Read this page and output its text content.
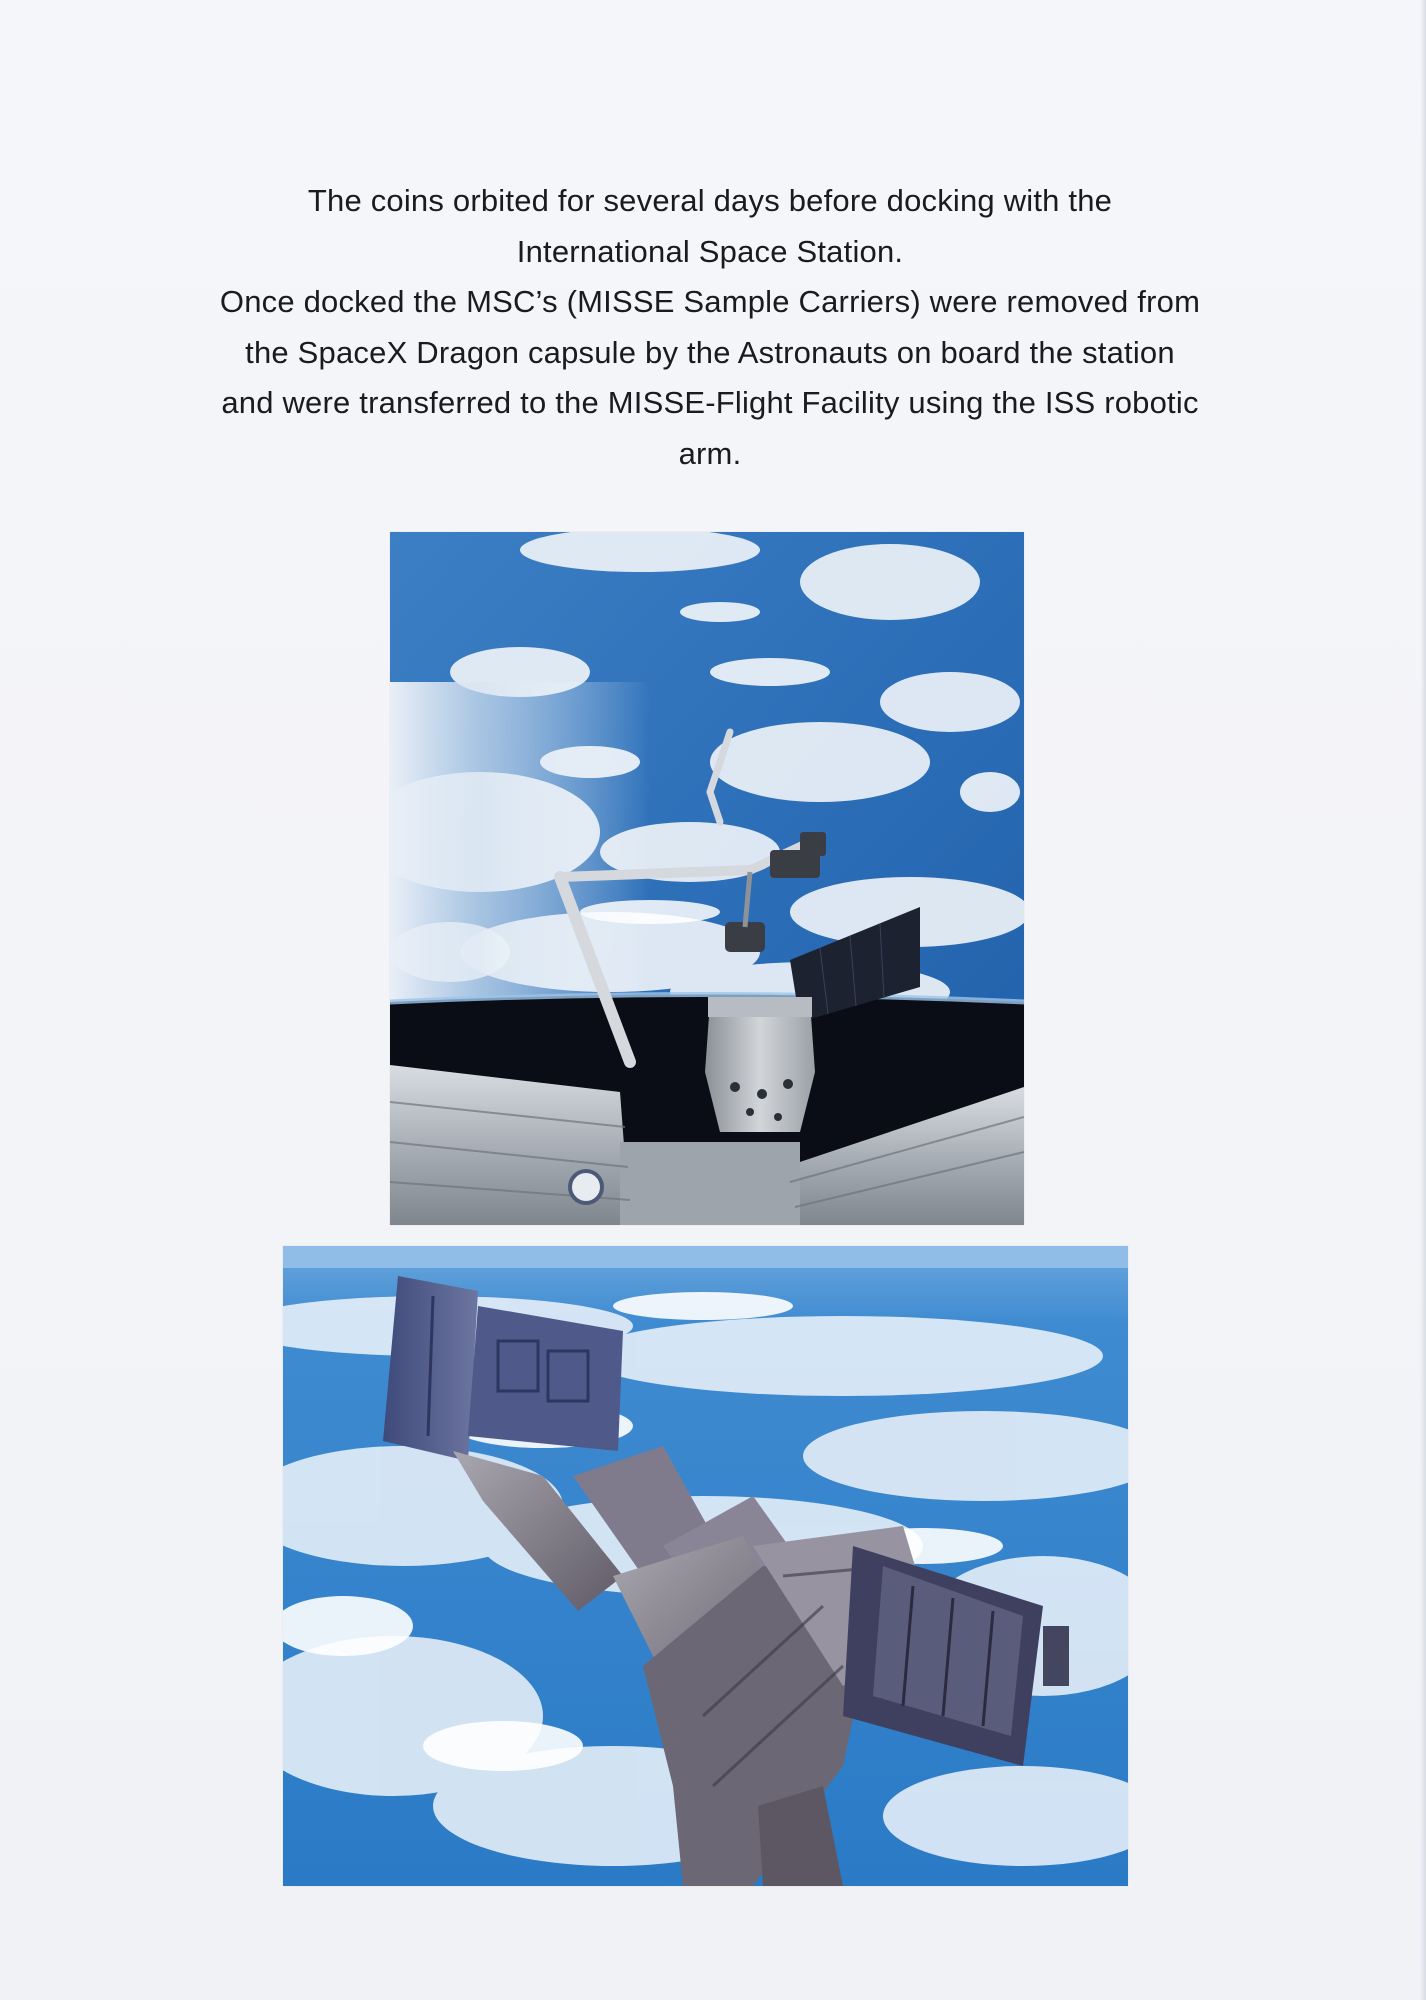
The coins orbited for several days before docking with the
International Space Station.
Once docked the MSC’s (MISSE Sample Carriers) were removed from
the SpaceX Dragon capsule by the Astronauts on board the station
and were transferred to the MISSE-Flight Facility using the ISS robotic
arm.
